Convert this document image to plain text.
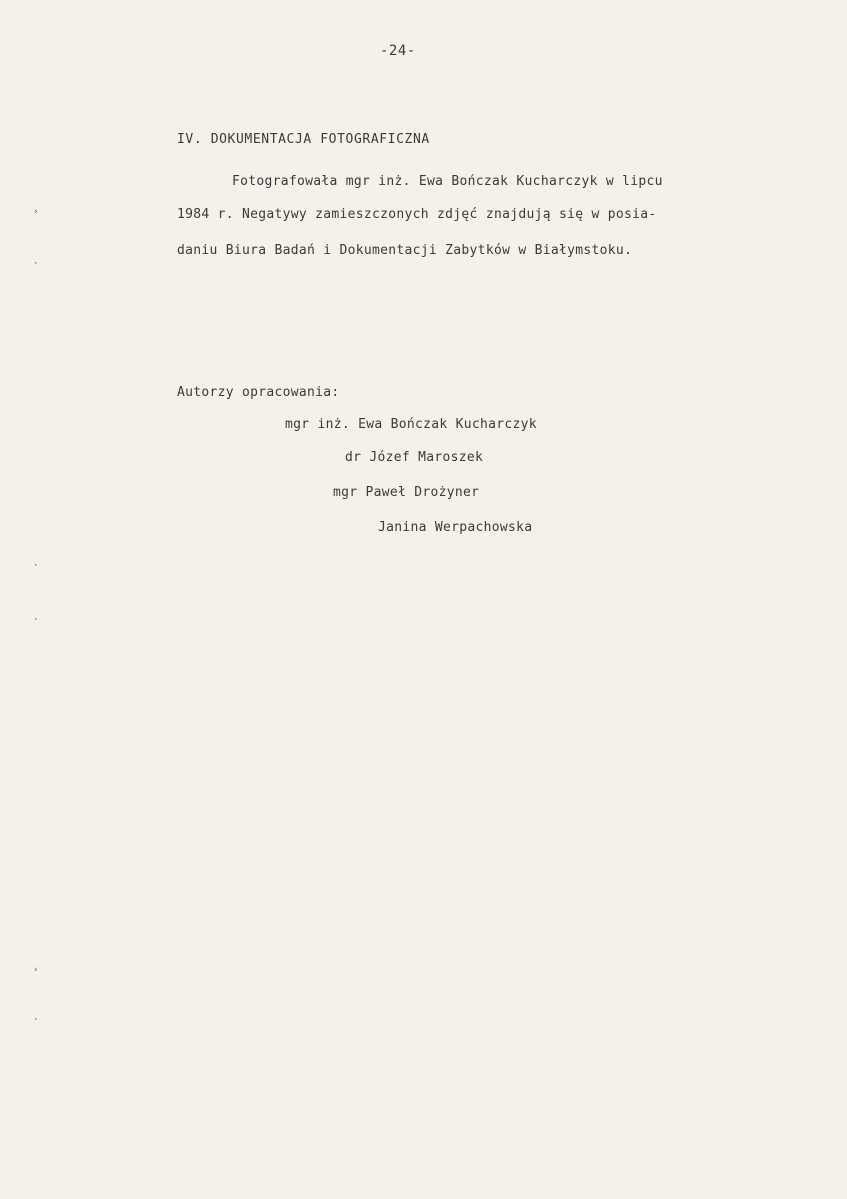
-24-
IV. DOKUMENTACJA FOTOGRAFICZNA
Fotografowała mgr inż. Ewa Bończak Kucharczyk w lipcu
1984 r. Negatywy zamieszczonych zdjęć znajdują się w posia-
daniu Biura Badań i Dokumentacji Zabytków w Białymstoku.
Autorzy opracowania:
mgr inż. Ewa Bończak Kucharczyk
dr Józef Maroszek
mgr Paweł Drożyner
Janina Werpachowska
›
·
·
·
›
·
